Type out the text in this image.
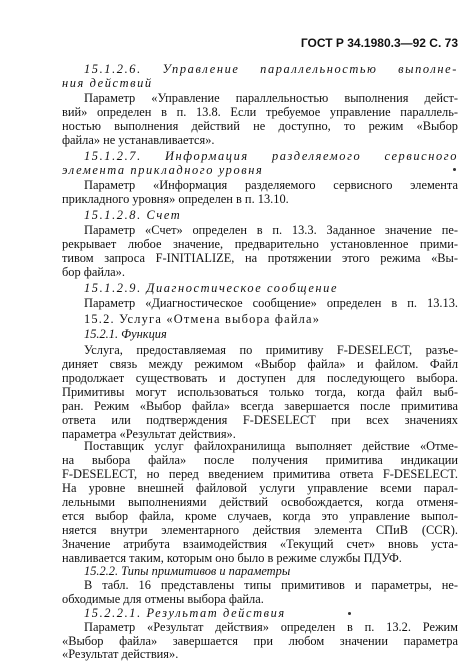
ГОСТ Р 34.1980.3—92 С. 73
15.1.2.6. Управление параллельностью выполне-
ния действий
Параметр «Управление параллельностью выполнения дейст-
вий» определен в п. 13.8. Если требуемое управление параллель-
ностью выполнения действий не доступно, то режим «Выбор
файла» не устанавливается».
15.1.2.7. Информация разделяемого сервисного
элемента прикладного уровня
Параметр «Информация разделяемого сервисного элемента
прикладного уровня» определен в п. 13.10.
15.1.2.8. Счет
Параметр «Счет» определен в п. 13.3. Заданное значение пе-
рекрывает любое значение, предварительно установленное прими-
тивом запроса F-INITIALIZE, на протяжении этого режима «Вы-
бор файла».
15.1.2.9. Диагностическое сообщение
Параметр «Диагностическое сообщение» определен в п. 13.13.
15.2. Услуга «Отмена выбора файла»
15.2.1. Функция
Услуга, предоставляемая по примитиву F-DESELECT, разъе-
диняет связь между режимом «Выбор файла» и файлом. Файл
продолжает существовать и доступен для последующего выбора.
Примитивы могут использоваться только тогда, когда файл выб-
ран. Режим «Выбор файла» всегда завершается после примитива
ответа или подтверждения F-DESELECT при всех значениях
параметра «Результат действия».
Поставщик услуг файлохранилища выполняет действие «Отме-
на выбора файла» после получения примитива индикации
F-DESELECT, но перед введением примитива ответа F-DESELECT.
На уровне внешней файловой услуги управление всеми парал-
лельными выполнениями действий освобождается, когда отменя-
ется выбор файла, кроме случаев, когда это управление выпол-
няется внутри элементарного действия элемента СПиВ (CCR).
Значение атрибута взаимодействия «Текущий счет» вновь уста-
навливается таким, которым оно было в режиме службы ПДУФ.
15.2.2. Типы примитивов и параметры
В табл. 16 представлены типы примитивов и параметры, не-
обходимые для отмены выбора файла.
15.2.2.1. Результат действия
Параметр «Результат действия» определен в п. 13.2. Режим
«Выбор файла» завершается при любом значении параметра
«Результат действия».
